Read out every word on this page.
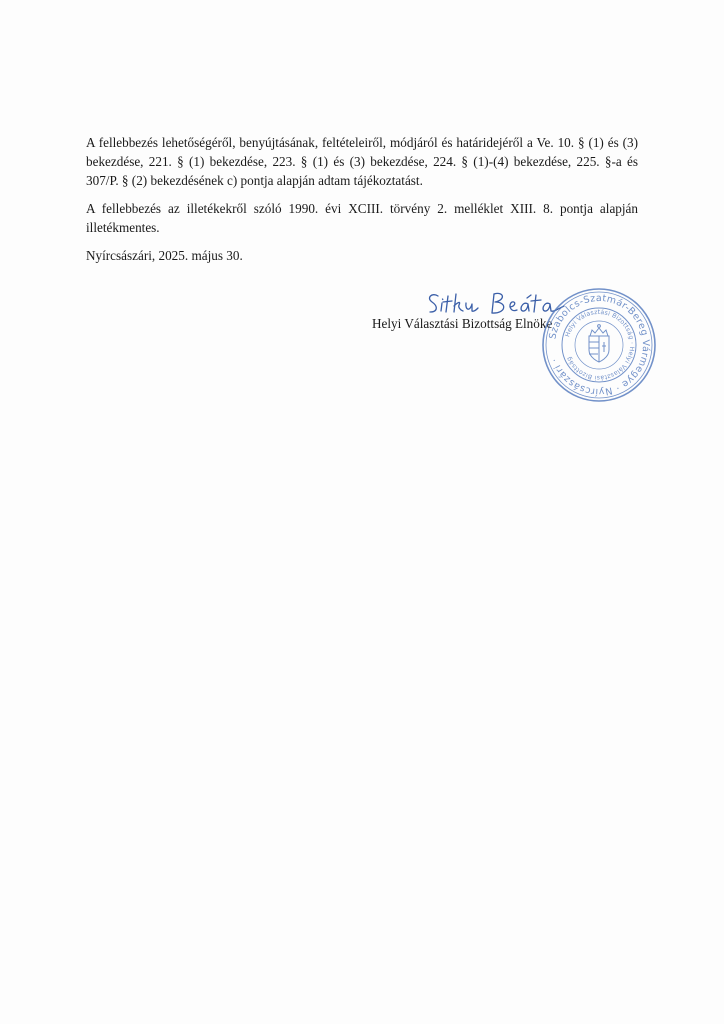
A fellebbezés lehetőségéről, benyújtásának, feltételeiről, módjáról és határidejéről a Ve. 10. § (1) és (3) bekezdése, 221. § (1) bekezdése, 223. § (1) és (3) bekezdése, 224. § (1)-(4) bekezdése, 225. §-a és 307/P. § (2) bekezdésének c) pontja alapján adtam tájékoztatást.

A fellebbezés az illetékekről szóló 1990. évi XCIII. törvény 2. melléklet XIII. 8. pontja alapján illetékmentes.

Nyírcsászári, 2025. május 30.

Helyi Választási Bizottság Elnöke

Szabolcs-Szatmár-Bereg Vármegye · Nyírcsászári ·
Helyi Választási Bizottság · Helyi Választási Bizottság
